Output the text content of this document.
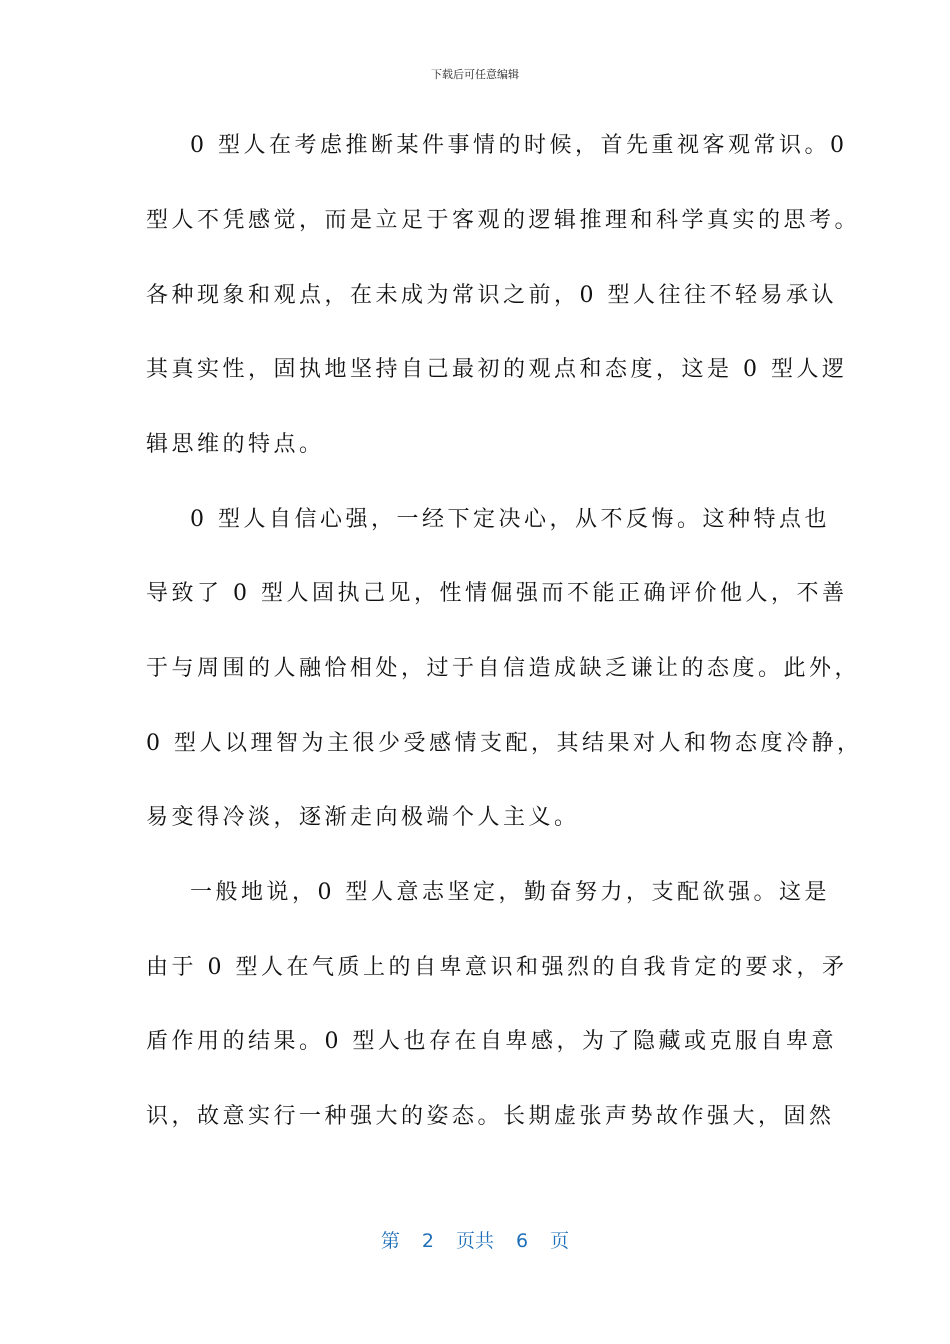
下载后可任意编辑
0 型人在考虑推断某件事情的时候，首先重视客观常识。0
型人不凭感觉，而是立足于客观的逻辑推理和科学真实的思考。
各种现象和观点，在未成为常识之前，0 型人往往不轻易承认
其真实性，固执地坚持自己最初的观点和态度，这是 0 型人逻
辑思维的特点。
0 型人自信心强，一经下定决心，从不反悔。这种特点也
导致了 0 型人固执己见，性情倔强而不能正确评价他人，不善
于与周围的人融恰相处，过于自信造成缺乏谦让的态度。此外，
0 型人以理智为主很少受感情支配，其结果对人和物态度冷静，
易变得冷淡，逐渐走向极端个人主义。
一般地说，0 型人意志坚定，勤奋努力，支配欲强。这是
由于 0 型人在气质上的自卑意识和强烈的自我肯定的要求，矛
盾作用的结果。0 型人也存在自卑感，为了隐藏或克服自卑意
识，故意实行一种强大的姿态。长期虚张声势故作强大，固然
第 2 页共 6 页
